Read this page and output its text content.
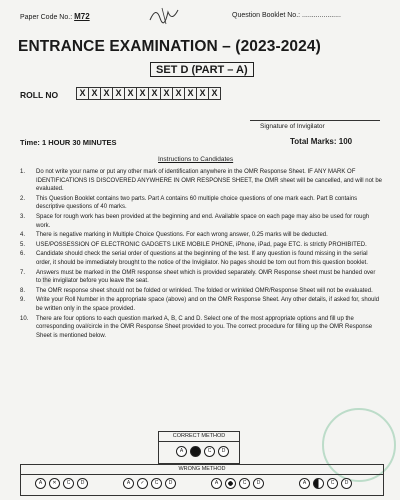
Paper Code No.: M72	Question Booklet No.: ....................
ENTRANCE EXAMINATION – (2023-2024)
SET D (PART – A)
ROLL NO	X X X X X X X X X X X X
Signature of Invigilator
Time: 1 HOUR 30 MINUTES	Total Marks: 100
Instructions to Candidates
1. Do not write your name or put any other mark of identification anywhere in the OMR Response Sheet. IF ANY MARK OF IDENTIFICATIONS IS DISCOVERED ANYWHERE IN OMR RESPONSE SHEET, the OMR sheet will be cancelled, and will not be evaluated.
2. This Question Booklet contains two parts. Part A contains 60 multiple choice questions of one mark each. Part B contains descriptive questions of 40 marks.
3. Space for rough work has been provided at the beginning and end. Available space on each page may also be used for rough work.
4. There is negative marking in Multiple Choice Questions. For each wrong answer, 0.25 marks will be deducted.
5. USE/POSSESSION OF ELECTRONIC GADGETS LIKE MOBILE PHONE, iPhone, iPad, page ETC. is strictly PROHIBITED.
6. Candidate should check the serial order of questions at the beginning of the test. If any question is found missing in the serial order, it should be immediately brought to the notice of the Invigilator. No pages should be torn out from this question booklet.
7. Answers must be marked in the OMR response sheet which is provided separately. OMR Response sheet must be handed over to the invigilator before you leave the seat.
8. The OMR response sheet should not be folded or wrinkled. The folded or wrinkled OMR/Response Sheet will not be evaluated.
9. Write your Roll Number in the appropriate space (above) and on the OMR Response Sheet. Any other details, if asked for, should be written only in the space provided.
10. There are four options to each question marked A, B, C and D. Select one of the most appropriate options and fill up the corresponding oval/circle in the OMR Response Sheet provided to you. The correct procedure for filling up the OMR Response Sheet is mentioned below.
•
CORRECT METHOD
A	B	C	D
WRONG METHOD
A	✕	C	D	A	✓	C	D	A	C	D	A	C	D
